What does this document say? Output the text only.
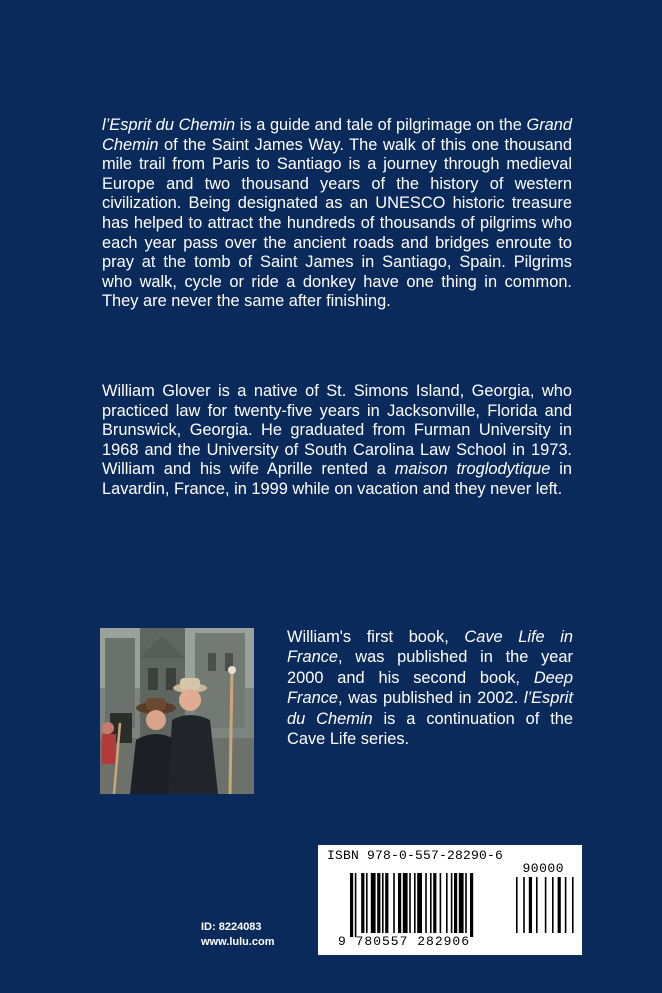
l’Esprit du Chemin is a guide and tale of pilgrimage on the Grand Chemin of the Saint James Way. The walk of this one thousand mile trail from Paris to Santiago is a journey through medieval Europe and two thousand years of the history of western civilization. Being designated as an UNESCO historic treasure has helped to attract the hundreds of thousands of pilgrims who each year pass over the ancient roads and bridges enroute to pray at the tomb of Saint James in Santiago, Spain. Pilgrims who walk, cycle or ride a donkey have one thing in common. They are never the same after finishing.

William Glover is a native of St. Simons Island, Georgia, who practiced law for twenty-five years in Jacksonville, Florida and Brunswick, Georgia. He graduated from Furman University in 1968 and the University of South Carolina Law School in 1973. William and his wife Aprille rented a maison troglodytique in Lavardin, France, in 1999 while on vacation and they never left.

William's first book, Cave Life in France, was published in the year 2000 and his second book, Deep France, was published in 2002. l’Esprit du Chemin is a continuation of the Cave Life series.

ISBN 978-0-557-28290-6
90000
9 780557 282906
ID: 8224083
www.lulu.com
